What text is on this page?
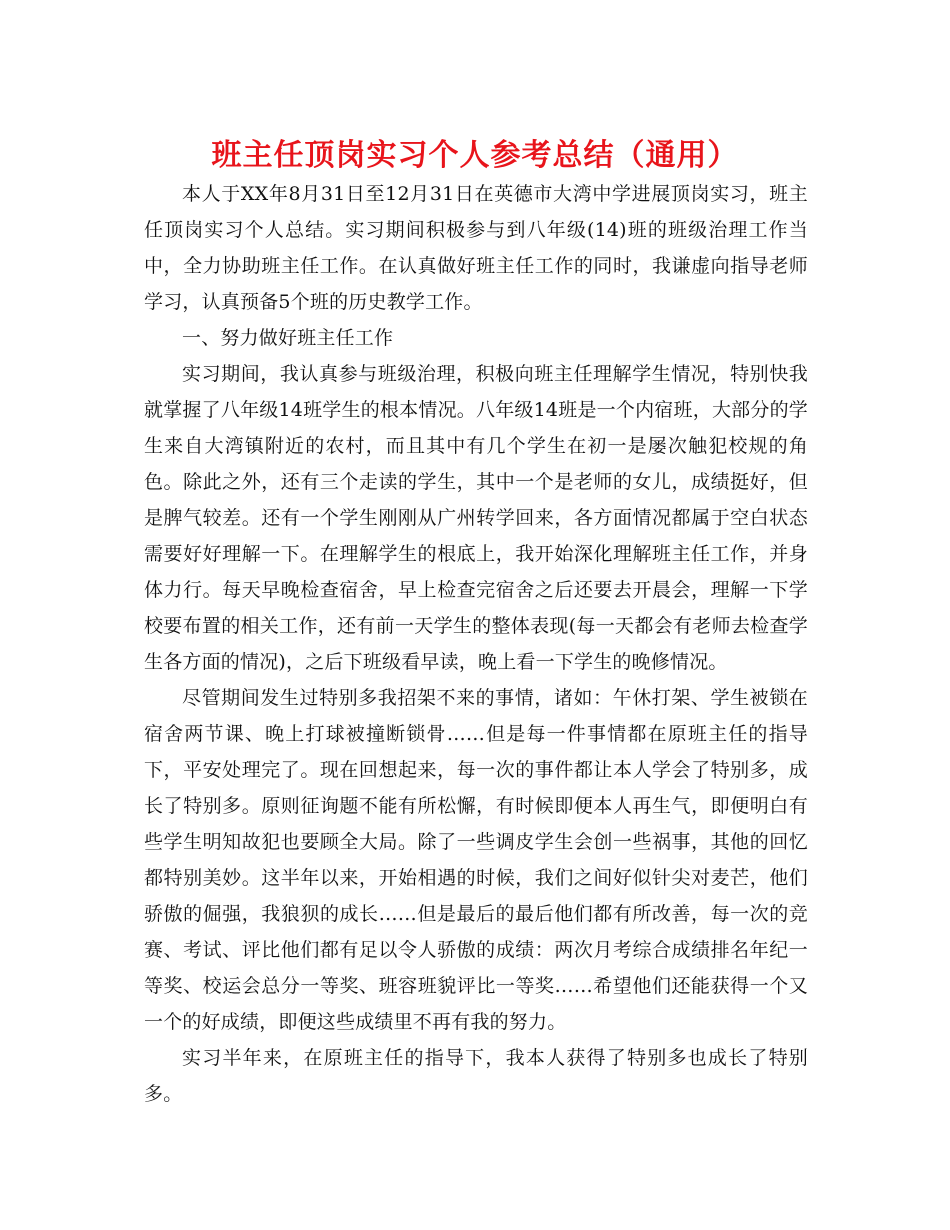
班主任顶岗实习个人参考总结（通用）

本人于XX年8月31日至12月31日在英德市大湾中学进展顶岗实习，班主任顶岗实习个人总结。实习期间积极参与到八年级(14)班的班级治理工作当中，全力协助班主任工作。在认真做好班主任工作的同时，我谦虚向指导老师学习，认真预备5个班的历史教学工作。

一、努力做好班主任工作

实习期间，我认真参与班级治理，积极向班主任理解学生情况，特别快我就掌握了八年级14班学生的根本情况。八年级14班是一个内宿班，大部分的学生来自大湾镇附近的农村，而且其中有几个学生在初一是屡次触犯校规的角色。除此之外，还有三个走读的学生，其中一个是老师的女儿，成绩挺好，但是脾气较差。还有一个学生刚刚从广州转学回来，各方面情况都属于空白状态需要好好理解一下。在理解学生的根底上，我开始深化理解班主任工作，并身体力行。每天早晚检查宿舍，早上检查完宿舍之后还要去开晨会，理解一下学校要布置的相关工作，还有前一天学生的整体表现(每一天都会有老师去检查学生各方面的情况)，之后下班级看早读，晚上看一下学生的晚修情况。

尽管期间发生过特别多我招架不来的事情，诸如：午休打架、学生被锁在宿舍两节课、晚上打球被撞断锁骨……但是每一件事情都在原班主任的指导下，平安处理完了。现在回想起来，每一次的事件都让本人学会了特别多，成长了特别多。原则征询题不能有所松懈，有时候即便本人再生气，即便明白有些学生明知故犯也要顾全大局。除了一些调皮学生会创一些祸事，其他的回忆都特别美妙。这半年以来，开始相遇的时候，我们之间好似针尖对麦芒，他们骄傲的倔强，我狼狈的成长……但是最后的最后他们都有所改善，每一次的竞赛、考试、评比他们都有足以令人骄傲的成绩：两次月考综合成绩排名年纪一等奖、校运会总分一等奖、班容班貌评比一等奖……希望他们还能获得一个又一个的好成绩，即便这些成绩里不再有我的努力。

实习半年来，在原班主任的指导下，我本人获得了特别多也成长了特别多。
